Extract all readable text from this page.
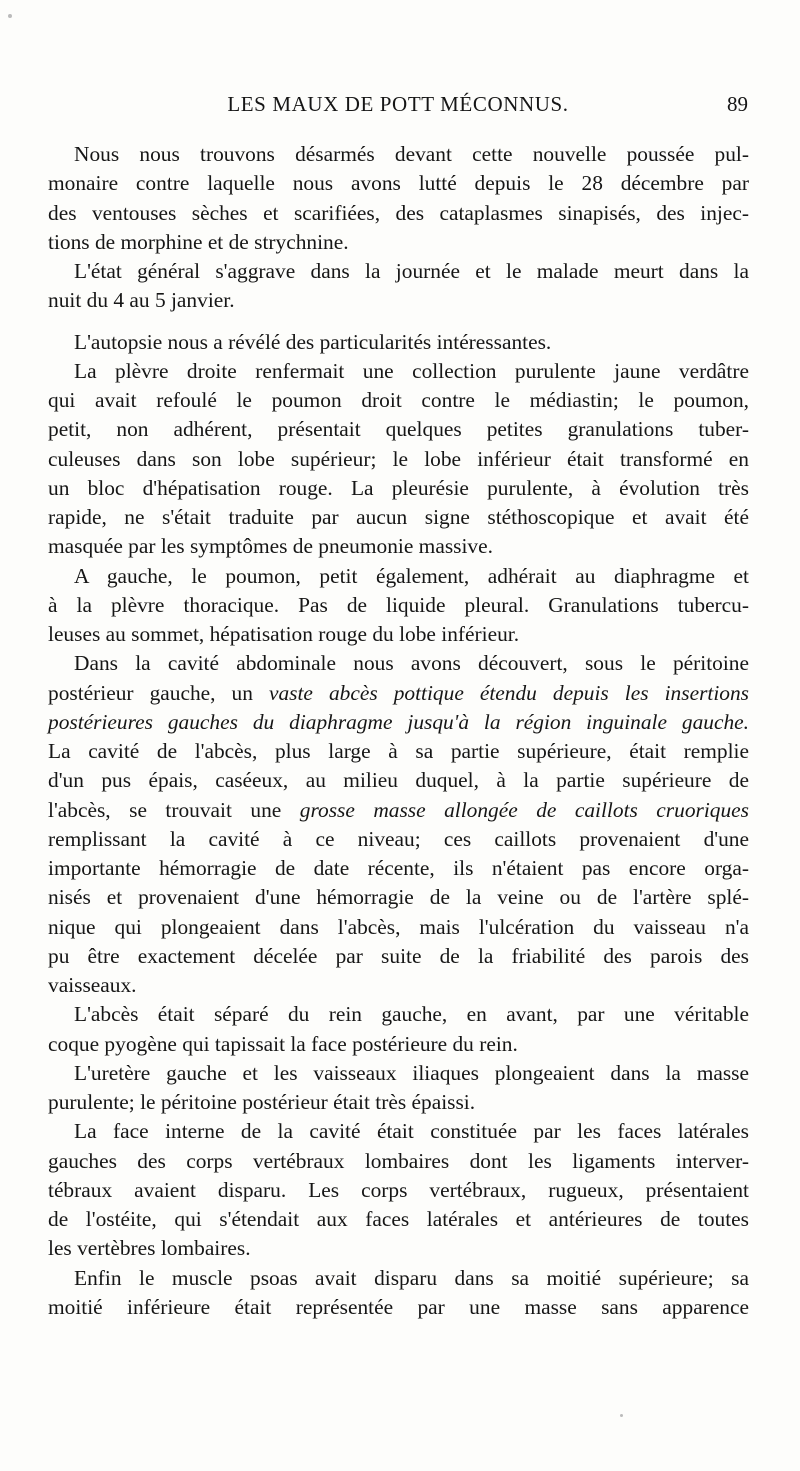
LES MAUX DE POTT MÉCONNUS.	89

Nous nous trouvons désarmés devant cette nouvelle poussée pul-
monaire contre laquelle nous avons lutté depuis le 28 décembre par
des ventouses sèches et scarifiées, des cataplasmes sinapisés, des injec-
tions de morphine et de strychnine.

L'état général s'aggrave dans la journée et le malade meurt dans la
nuit du 4 au 5 janvier.

L'autopsie nous a révélé des particularités intéressantes.

La plèvre droite renfermait une collection purulente jaune verdâtre
qui avait refoulé le poumon droit contre le médiastin; le poumon,
petit, non adhérent, présentait quelques petites granulations tuber-
culeuses dans son lobe supérieur; le lobe inférieur était transformé en
un bloc d'hépatisation rouge. La pleurésie purulente, à évolution très
rapide, ne s'était traduite par aucun signe stéthoscopique et avait été
masquée par les symptômes de pneumonie massive.

A gauche, le poumon, petit également, adhérait au diaphragme et
à la plèvre thoracique. Pas de liquide pleural. Granulations tubercu-
leuses au sommet, hépatisation rouge du lobe inférieur.

Dans la cavité abdominale nous avons découvert, sous le péritoine
postérieur gauche, un vaste abcès pottique étendu depuis les insertions
postérieures gauches du diaphragme jusqu'à la région inguinale gauche.
La cavité de l'abcès, plus large à sa partie supérieure, était remplie
d'un pus épais, caséeux, au milieu duquel, à la partie supérieure de
l'abcès, se trouvait une grosse masse allongée de caillots cruoriques
remplissant la cavité à ce niveau; ces caillots provenaient d'une
importante hémorragie de date récente, ils n'étaient pas encore orga-
nisés et provenaient d'une hémorragie de la veine ou de l'artère splé-
nique qui plongeaient dans l'abcès, mais l'ulcération du vaisseau n'a
pu être exactement décelée par suite de la friabilité des parois des
vaisseaux.

L'abcès était séparé du rein gauche, en avant, par une véritable
coque pyogène qui tapissait la face postérieure du rein.

L'uretère gauche et les vaisseaux iliaques plongeaient dans la masse
purulente; le péritoine postérieur était très épaissi.

La face interne de la cavité était constituée par les faces latérales
gauches des corps vertébraux lombaires dont les ligaments interver-
tébraux avaient disparu. Les corps vertébraux, rugueux, présentaient
de l'ostéite, qui s'étendait aux faces latérales et antérieures de toutes
les vertèbres lombaires.

Enfin le muscle psoas avait disparu dans sa moitié supérieure; sa
moitié inférieure était représentée par une masse sans apparence
